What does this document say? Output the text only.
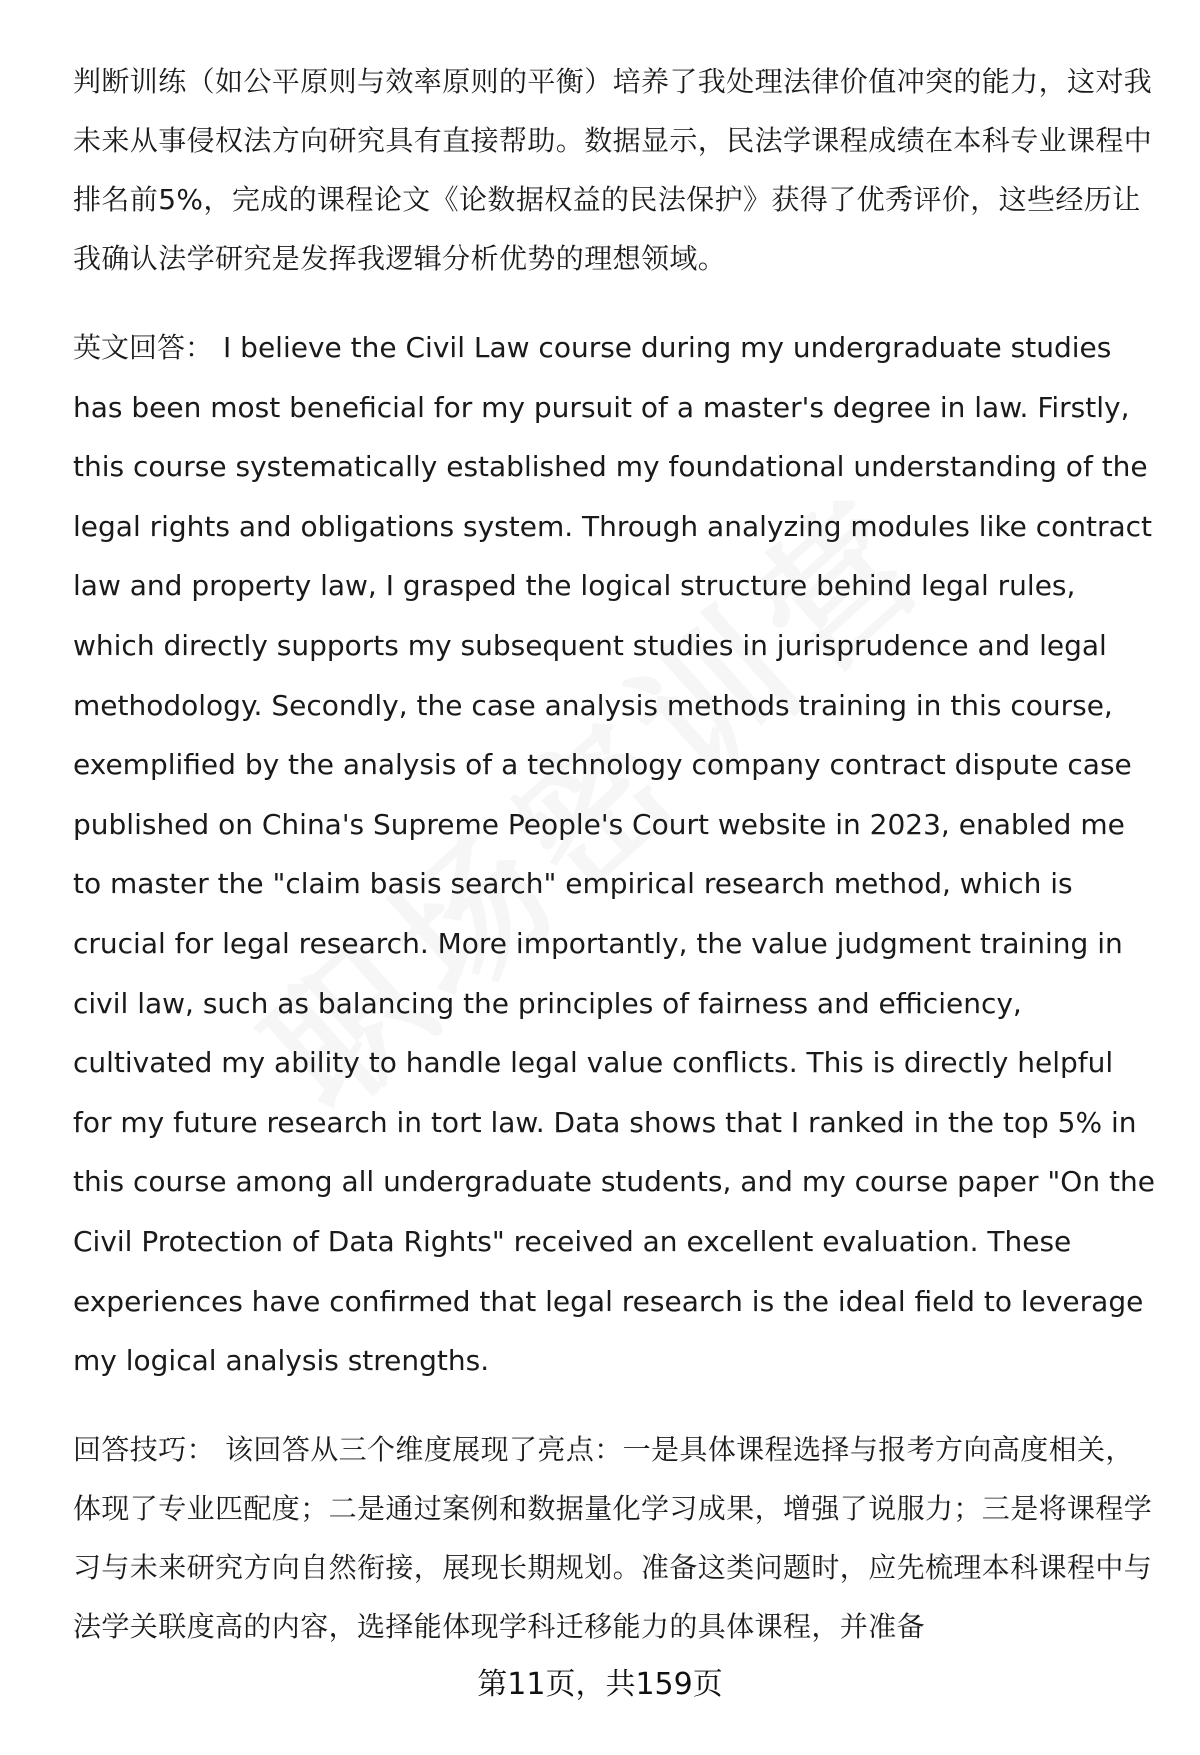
判断训练（如公平原则与效率原则的平衡）培养了我处理法律价值冲突的能力，这对我未来从事侵权法方向研究具有直接帮助。数据显示，民法学课程成绩在本科专业课程中排名前5%，完成的课程论文《论数据权益的民法保护》获得了优秀评价，这些经历让我确认法学研究是发挥我逻辑分析优势的理想领域。
英文回答： I believe the Civil Law course during my undergraduate studies has been most beneficial for my pursuit of a master's degree in law. Firstly, this course systematically established my foundational understanding of the legal rights and obligations system. Through analyzing modules like contract law and property law, I grasped the logical structure behind legal rules, which directly supports my subsequent studies in jurisprudence and legal methodology. Secondly, the case analysis methods training in this course, exemplified by the analysis of a technology company contract dispute case published on China's Supreme People's Court website in 2023, enabled me to master the "claim basis search" empirical research method, which is crucial for legal research. More importantly, the value judgment training in civil law, such as balancing the principles of fairness and efficiency, cultivated my ability to handle legal value conflicts. This is directly helpful for my future research in tort law. Data shows that I ranked in the top 5% in this course among all undergraduate students, and my course paper "On the Civil Protection of Data Rights" received an excellent evaluation. These experiences have confirmed that legal research is the ideal field to leverage my logical analysis strengths.
回答技巧： 该回答从三个维度展现了亮点：一是具体课程选择与报考方向高度相关，体现了专业匹配度；二是通过案例和数据量化学习成果，增强了说服力；三是将课程学习与未来研究方向自然衔接，展现长期规划。准备这类问题时，应先梳理本科课程中与法学关联度高的内容，选择能体现学科迁移能力的具体课程，并准备
第11页，共159页
